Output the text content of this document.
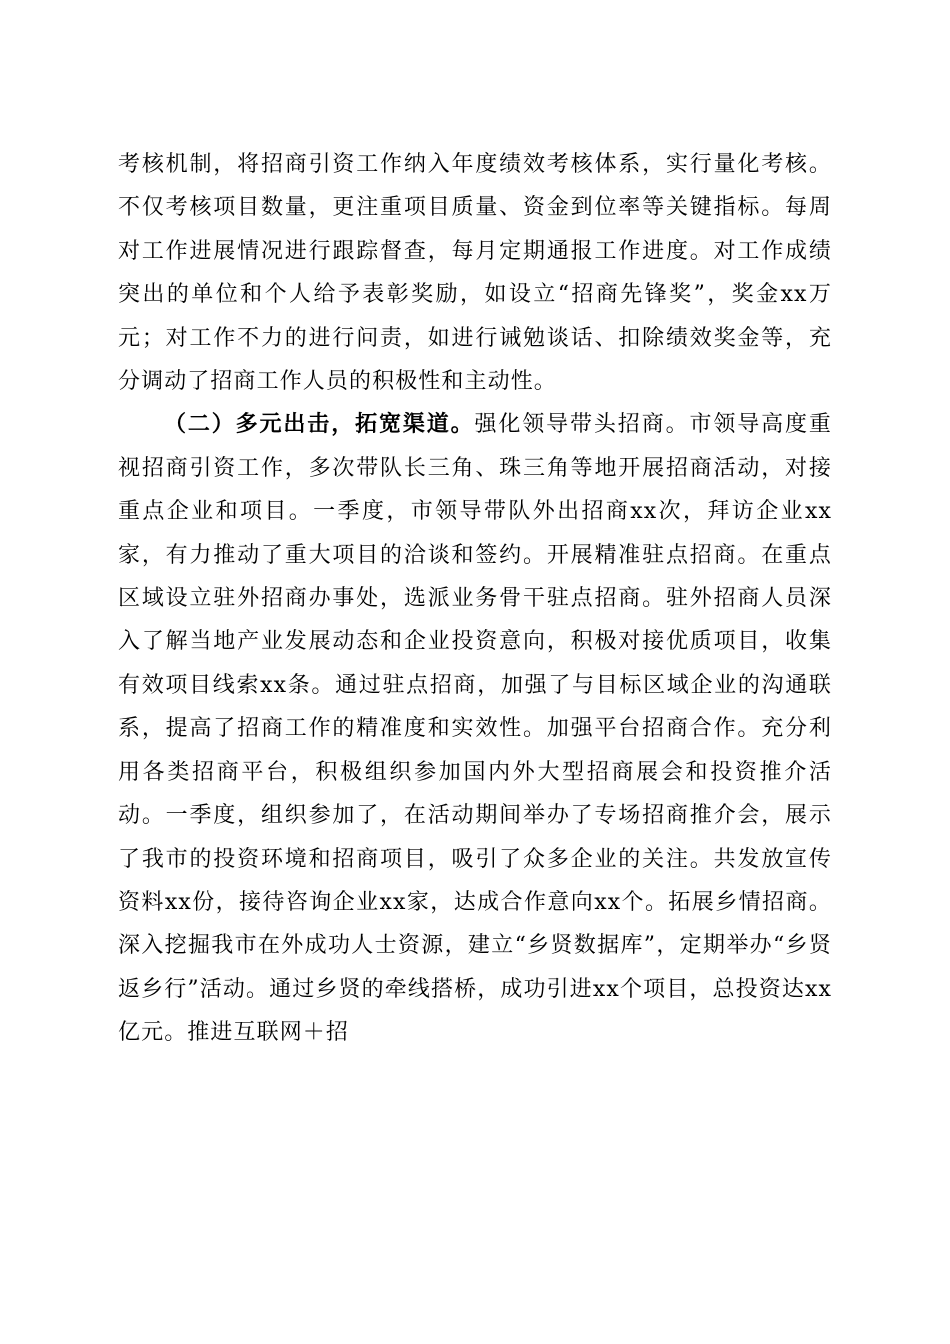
考核机制，将招商引资工作纳入年度绩效考核体系，实行量化考核。不仅考核项目数量，更注重项目质量、资金到位率等关键指标。每周对工作进展情况进行跟踪督查，每月定期通报工作进度。对工作成绩突出的单位和个人给予表彰奖励，如设立“招商先锋奖”，奖金xx万元；对工作不力的进行问责，如进行诫勉谈话、扣除绩效奖金等，充分调动了招商工作人员的积极性和主动性。

（二）多元出击，拓宽渠道。强化领导带头招商。市领导高度重视招商引资工作，多次带队长三角、珠三角等地开展招商活动，对接重点企业和项目。一季度，市领导带队外出招商xx次，拜访企业xx家，有力推动了重大项目的洽谈和签约。开展精准驻点招商。在重点区域设立驻外招商办事处，选派业务骨干驻点招商。驻外招商人员深入了解当地产业发展动态和企业投资意向，积极对接优质项目，收集有效项目线索xx条。通过驻点招商，加强了与目标区域企业的沟通联系，提高了招商工作的精准度和实效性。加强平台招商合作。充分利用各类招商平台，积极组织参加国内外大型招商展会和投资推介活动。一季度，组织参加了，在活动期间举办了专场招商推介会，展示了我市的投资环境和招商项目，吸引了众多企业的关注。共发放宣传资料xx份，接待咨询企业xx家，达成合作意向xx个。拓展乡情招商。深入挖掘我市在外成功人士资源，建立“乡贤数据库”，定期举办“乡贤返乡行”活动。通过乡贤的牵线搭桥，成功引进xx个项目，总投资达xx亿元。推进互联网＋招
